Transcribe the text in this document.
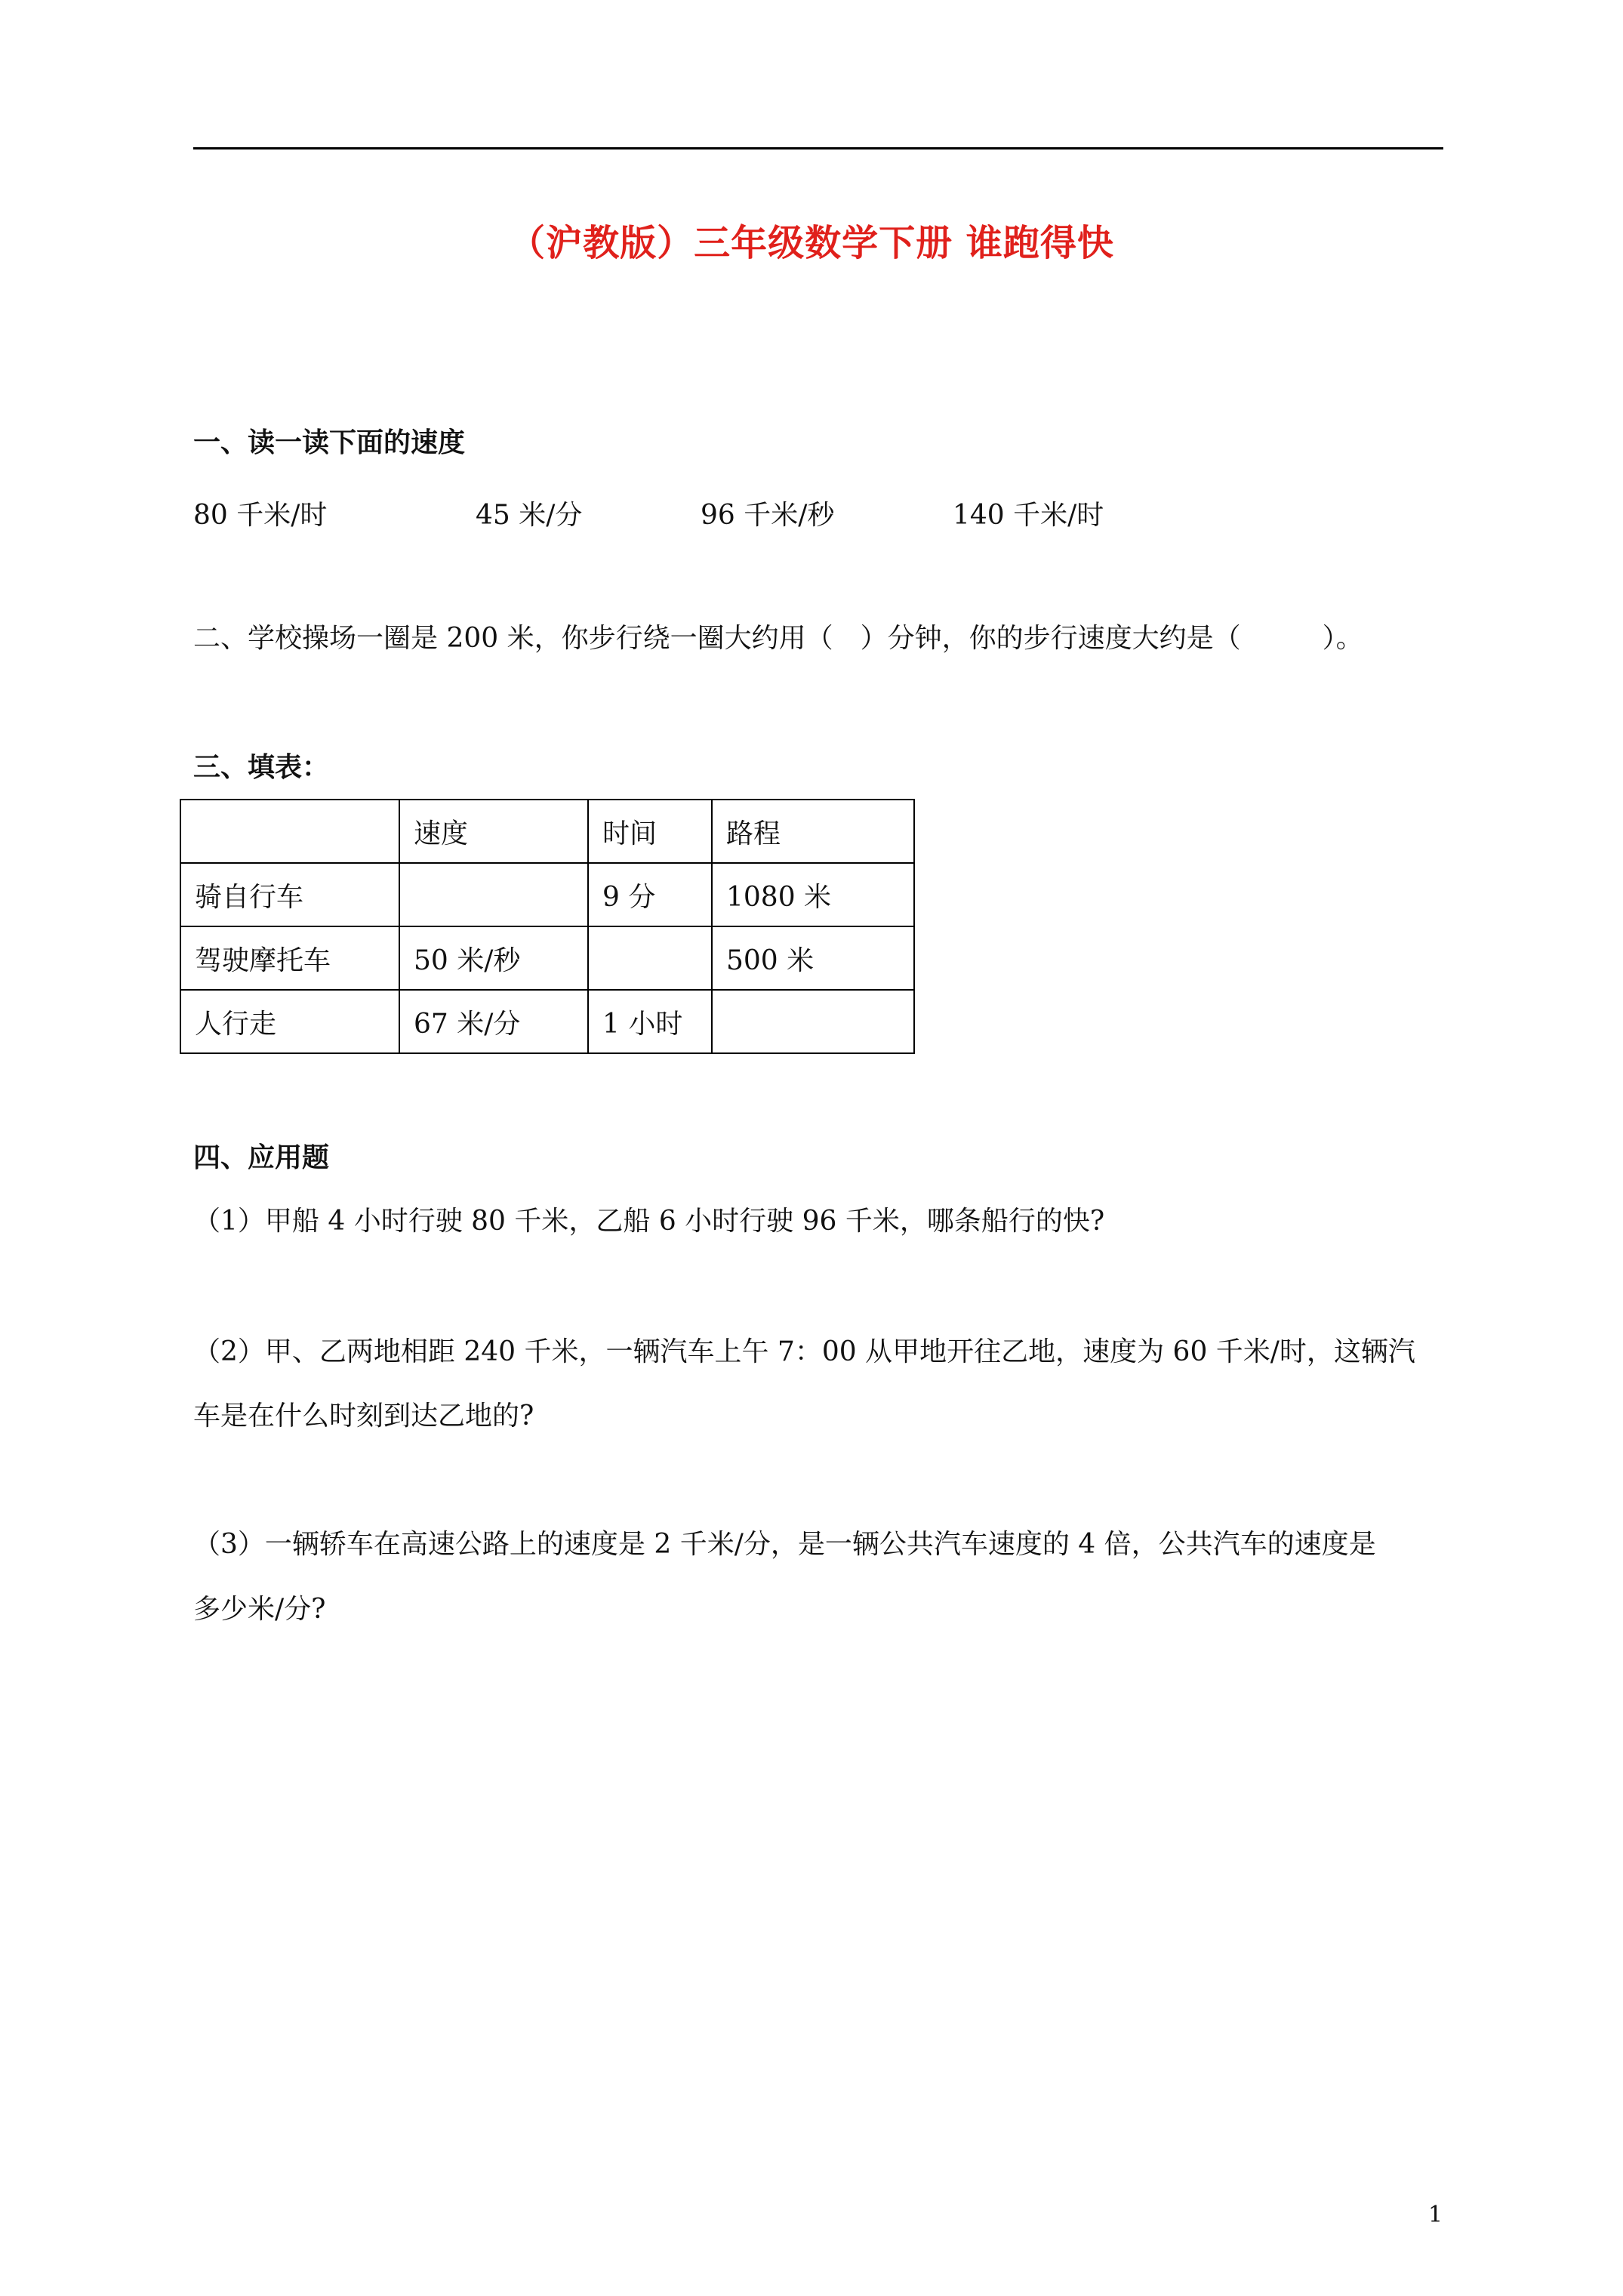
（沪教版）三年级数学下册 谁跑得快
一、读一读下面的速度
80 千米/时	45 米/分	96 千米/秒	140 千米/时
二、学校操场一圈是 200 米，你步行绕一圈大约用（　）分钟，你的步行速度大约是（　　　）。
三、填表：
	速度	时间	路程
骑自行车		9 分	1080 米
驾驶摩托车	50 米/秒		500 米
人行走	67 米/分	1 小时	
四、应用题
（1）甲船 4 小时行驶 80 千米，乙船 6 小时行驶 96 千米，哪条船行的快?
（2）甲、乙两地相距 240 千米，一辆汽车上午 7：00 从甲地开往乙地，速度为 60 千米/时，这辆汽
车是在什么时刻到达乙地的?
（3）一辆轿车在高速公路上的速度是 2 千米/分，是一辆公共汽车速度的 4 倍，公共汽车的速度是
多少米/分?
1
